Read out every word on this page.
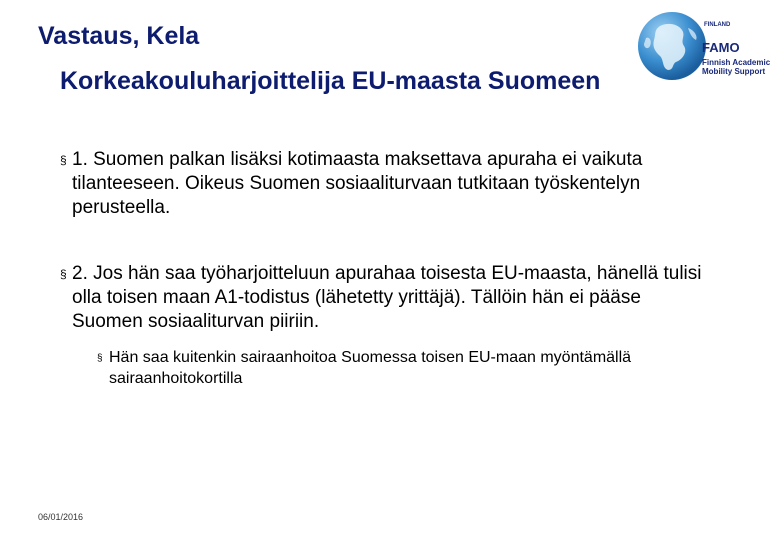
Vastaus, Kela
Korkeakouluharjoittelija EU-maasta Suomeen
FINLAND
FAMO
Finnish Academic
Mobility Support
§ 1. Suomen palkan lisäksi kotimaasta maksettava apuraha ei vaikuta tilanteeseen. Oikeus Suomen sosiaaliturvaan tutkitaan työskentelyn perusteella.
§ 2. Jos hän saa työharjoitteluun apurahaa toisesta EU-maasta, hänellä tulisi olla toisen maan A1-todistus (lähetetty yrittäjä). Tällöin hän ei pääse Suomen sosiaaliturvan piiriin.
§ Hän saa kuitenkin sairaanhoitoa Suomessa toisen EU-maan myöntämällä sairaanhoitokortilla
06/01/2016
